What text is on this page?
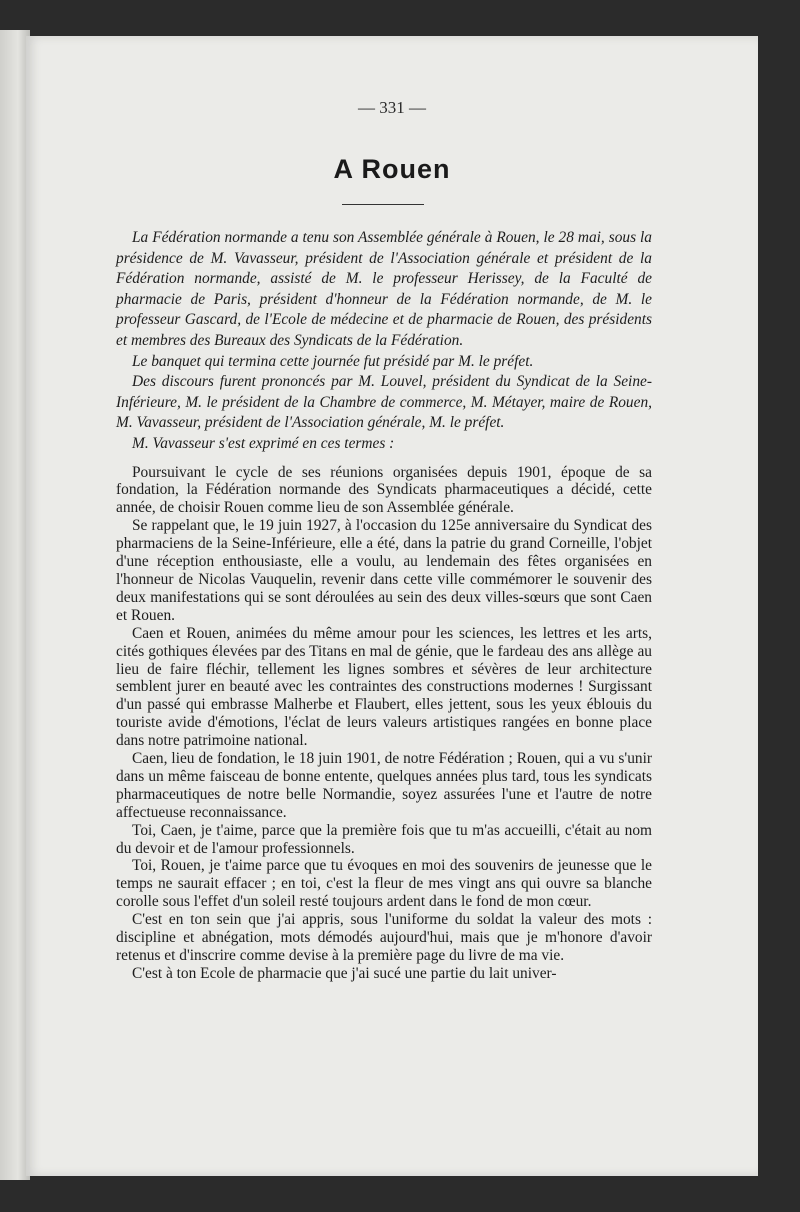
— 331 —

A Rouen

La Fédération normande a tenu son Assemblée générale à Rouen, le 28 mai, sous la présidence de M. Vavasseur, président de l'Association générale et président de la Fédération normande, assisté de M. le professeur Herissey, de la Faculté de pharmacie de Paris, président d'honneur de la Fédération normande, de M. le professeur Gascard, de l'Ecole de médecine et de pharmacie de Rouen, des présidents et membres des Bureaux des Syndicats de la Fédération.

Le banquet qui termina cette journée fut présidé par M. le préfet.

Des discours furent prononcés par M. Louvel, président du Syndicat de la Seine-Inférieure, M. le président de la Chambre de commerce, M. Métayer, maire de Rouen, M. Vavasseur, président de l'Association générale, M. le préfet.

M. Vavasseur s'est exprimé en ces termes :

Poursuivant le cycle de ses réunions organisées depuis 1901, époque de sa fondation, la Fédération normande des Syndicats pharmaceutiques a décidé, cette année, de choisir Rouen comme lieu de son Assemblée générale.

Se rappelant que, le 19 juin 1927, à l'occasion du 125e anniversaire du Syndicat des pharmaciens de la Seine-Inférieure, elle a été, dans la patrie du grand Corneille, l'objet d'une réception enthousiaste, elle a voulu, au lendemain des fêtes organisées en l'honneur de Nicolas Vauquelin, revenir dans cette ville commémorer le souvenir des deux manifestations qui se sont déroulées au sein des deux villes-sœurs que sont Caen et Rouen.

Caen et Rouen, animées du même amour pour les sciences, les lettres et les arts, cités gothiques élevées par des Titans en mal de génie, que le fardeau des ans allège au lieu de faire fléchir, tellement les lignes sombres et sévères de leur architecture semblent jurer en beauté avec les contraintes des constructions modernes ! Surgissant d'un passé qui embrasse Malherbe et Flaubert, elles jettent, sous les yeux éblouis du touriste avide d'émotions, l'éclat de leurs valeurs artistiques rangées en bonne place dans notre patrimoine national.

Caen, lieu de fondation, le 18 juin 1901, de notre Fédération ; Rouen, qui a vu s'unir dans un même faisceau de bonne entente, quelques années plus tard, tous les syndicats pharmaceutiques de notre belle Normandie, soyez assurées l'une et l'autre de notre affectueuse reconnaissance.

Toi, Caen, je t'aime, parce que la première fois que tu m'as accueilli, c'était au nom du devoir et de l'amour professionnels.

Toi, Rouen, je t'aime parce que tu évoques en moi des souvenirs de jeunesse que le temps ne saurait effacer ; en toi, c'est la fleur de mes vingt ans qui ouvre sa blanche corolle sous l'effet d'un soleil resté toujours ardent dans le fond de mon cœur.

C'est en ton sein que j'ai appris, sous l'uniforme du soldat la valeur des mots : discipline et abnégation, mots démodés aujourd'hui, mais que je m'honore d'avoir retenus et d'inscrire comme devise à la première page du livre de ma vie.

C'est à ton Ecole de pharmacie que j'ai sucé une partie du lait univer-
